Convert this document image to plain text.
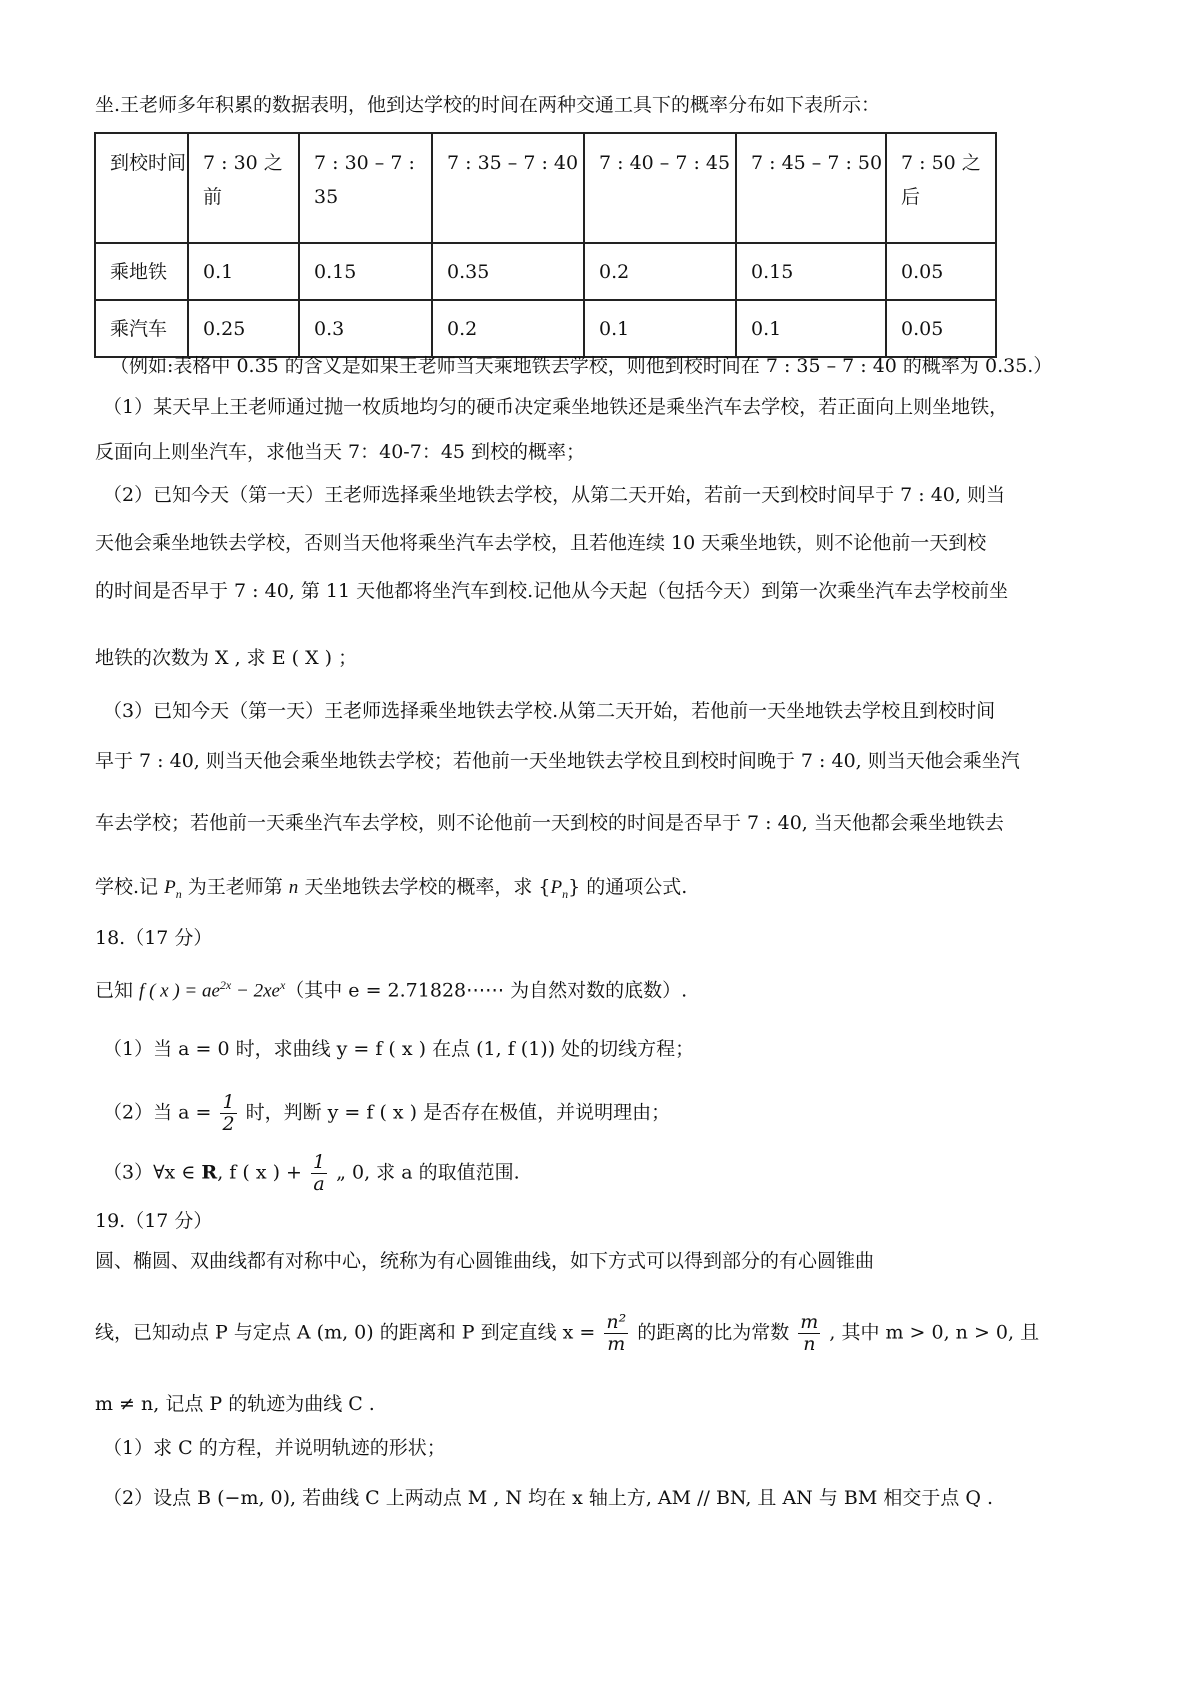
坐.王老师多年积累的数据表明，他到达学校的时间在两种交通工具下的概率分布如下表所示：
到校时间	7 : 30 之前	7 : 30 – 7 : 35	7 : 35 – 7 : 40	7 : 40 – 7 : 45	7 : 45 – 7 : 50	7 : 50 之后
乘地铁	0.1	0.15	0.35	0.2	0.15	0.05
乘汽车	0.25	0.3	0.2	0.1	0.1	0.05
（例如:表格中 0.35 的含义是如果王老师当天乘地铁去学校，则他到校时间在 7 : 35 – 7 : 40 的概率为 0.35.）
（1）某天早上王老师通过抛一枚质地均匀的硬币决定乘坐地铁还是乘坐汽车去学校，若正面向上则坐地铁，
反面向上则坐汽车，求他当天 7：40-7：45 到校的概率；
（2）已知今天（第一天）王老师选择乘坐地铁去学校，从第二天开始，若前一天到校时间早于 7 : 40, 则当
天他会乘坐地铁去学校，否则当天他将乘坐汽车去学校，且若他连续 10 天乘坐地铁，则不论他前一天到校
的时间是否早于 7 : 40, 第 11 天他都将坐汽车到校.记他从今天起（包括今天）到第一次乘坐汽车去学校前坐
地铁的次数为 X , 求 E ( X ) ；
（3）已知今天（第一天）王老师选择乘坐地铁去学校.从第二天开始，若他前一天坐地铁去学校且到校时间
早于 7 : 40, 则当天他会乘坐地铁去学校；若他前一天坐地铁去学校且到校时间晚于 7 : 40, 则当天他会乘坐汽
车去学校；若他前一天乘坐汽车去学校，则不论他前一天到校的时间是否早于 7 : 40, 当天他都会乘坐地铁去
学校.记 $P_n$ 为王老师第 n 天坐地铁去学校的概率，求 $\{P_n\}$ 的通项公式.
18.（17 分）
已知 f ( x ) = $ae^{2x} - 2xe^x$（其中 e = 2.71828⋯⋯ 为自然对数的底数）.
（1）当 a = 0 时，求曲线 y = f ( x ) 在点 (1, f (1)) 处的切线方程；
（2）当 $a = \frac{1}{2}$ 时，判断 y = f ( x ) 是否存在极值，并说明理由；
（3）∀x ∈ R, f ( x ) + $\frac{1}{a}$ „ 0, 求 a 的取值范围.
19.（17 分）
圆、椭圆、双曲线都有对称中心，统称为有心圆锥曲线，如下方式可以得到部分的有心圆锥曲
线，已知动点 P 与定点 A (m, 0) 的距离和 P 到定直线 $x = \frac{\text{n²}}{m}$ 的距离的比为常数 $\frac{m}{n}$ , 其中 m > 0, n > 0, 且
m ≠ n, 记点 P 的轨迹为曲线 C .
（1）求 C 的方程，并说明轨迹的形状；
（2）设点 B (−m, 0), 若曲线 C 上两动点 M , N 均在 x 轴上方, AM // BN, 且 AN 与 BM 相交于点 Q .
